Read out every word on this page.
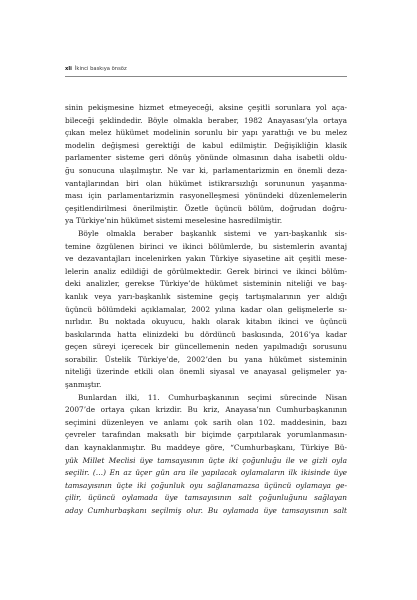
xli İkinci baskıya önsöz
sinin pekişmesine hizmet etmeyeceği, aksine çeşitli sorunlara yol aça-
bileceği şeklindedir. Böyle olmakla beraber, 1982 Anayasası’yla ortaya
çıkan melez hükümet modelinin sorunlu bir yapı yarattığı ve bu melez
modelin değişmesi gerektiği de kabul edilmiştir. Değişikliğin klasik
parlamenter sisteme geri dönüş yönünde olmasının daha isabetli oldu-
ğu sonucuna ulaşılmıştır. Ne var ki, parlamentarizmin en önemli deza-
vantajlarından biri olan hükümet istikrarsızlığı sorununun yaşanma-
ması için parlamentarizmin rasyonelleşmesi yönündeki düzenlemelerin
çeşitlendirilmesi önerilmiştir. Özetle üçüncü bölüm, doğrudan doğru-
ya Türkiye’nin hükümet sistemi meselesine hasredilmiştir.
Böyle olmakla beraber başkanlık sistemi ve yarı-başkanlık sis-
temine özgülenen birinci ve ikinci bölümlerde, bu sistemlerin avantaj
ve dezavantajları incelenirken yakın Türkiye siyasetine ait çeşitli mese-
lelerin analiz edildiği de görülmektedir. Gerek birinci ve ikinci bölüm-
deki analizler, gerekse Türkiye’de hükümet sisteminin niteliği ve baş-
kanlık veya yarı-başkanlık sistemine geçiş tartışmalarının yer aldığı
üçüncü bölümdeki açıklamalar, 2002 yılına kadar olan gelişmelerle sı-
nırlıdır. Bu noktada okuyucu, haklı olarak kitabın ikinci ve üçüncü
baskılarında hatta elinizdeki bu dördüncü baskısında, 2016’ya kadar
geçen süreyi içerecek bir güncellemenin neden yapılmadığı sorusunu
sorabilir. Üstelik Türkiye’de, 2002’den bu yana hükümet sisteminin
niteliği üzerinde etkili olan önemli siyasal ve anayasal gelişmeler ya-
şanmıştır.
Bunlardan ilki, 11. Cumhurbaşkanının seçimi sürecinde Nisan
2007’de ortaya çıkan krizdir. Bu kriz, Anayasa’nın Cumhurbaşkanının
seçimini düzenleyen ve anlamı çok sarih olan 102. maddesinin, bazı
çevreler tarafından maksatlı bir biçimde çarpıtılarak yorumlanmasın-
dan kaynaklanmıştır. Bu maddeye göre, “Cumhurbaşkanı, Türkiye Bü-
yük Millet Meclisi üye tamsayısının üçte iki çoğunluğu ile ve gizli oyla
seçilir. (…) En az üçer gün ara ile yapılacak oylamaların ilk ikisinde üye
tamsayısının üçte iki çoğunluk oyu sağlanamazsa üçüncü oylamaya ge-
çilir, üçüncü oylamada üye tamsayısının salt çoğunluğunu sağlayan
aday Cumhurbaşkanı seçilmiş olur. Bu oylamada üye tamsayısının salt
